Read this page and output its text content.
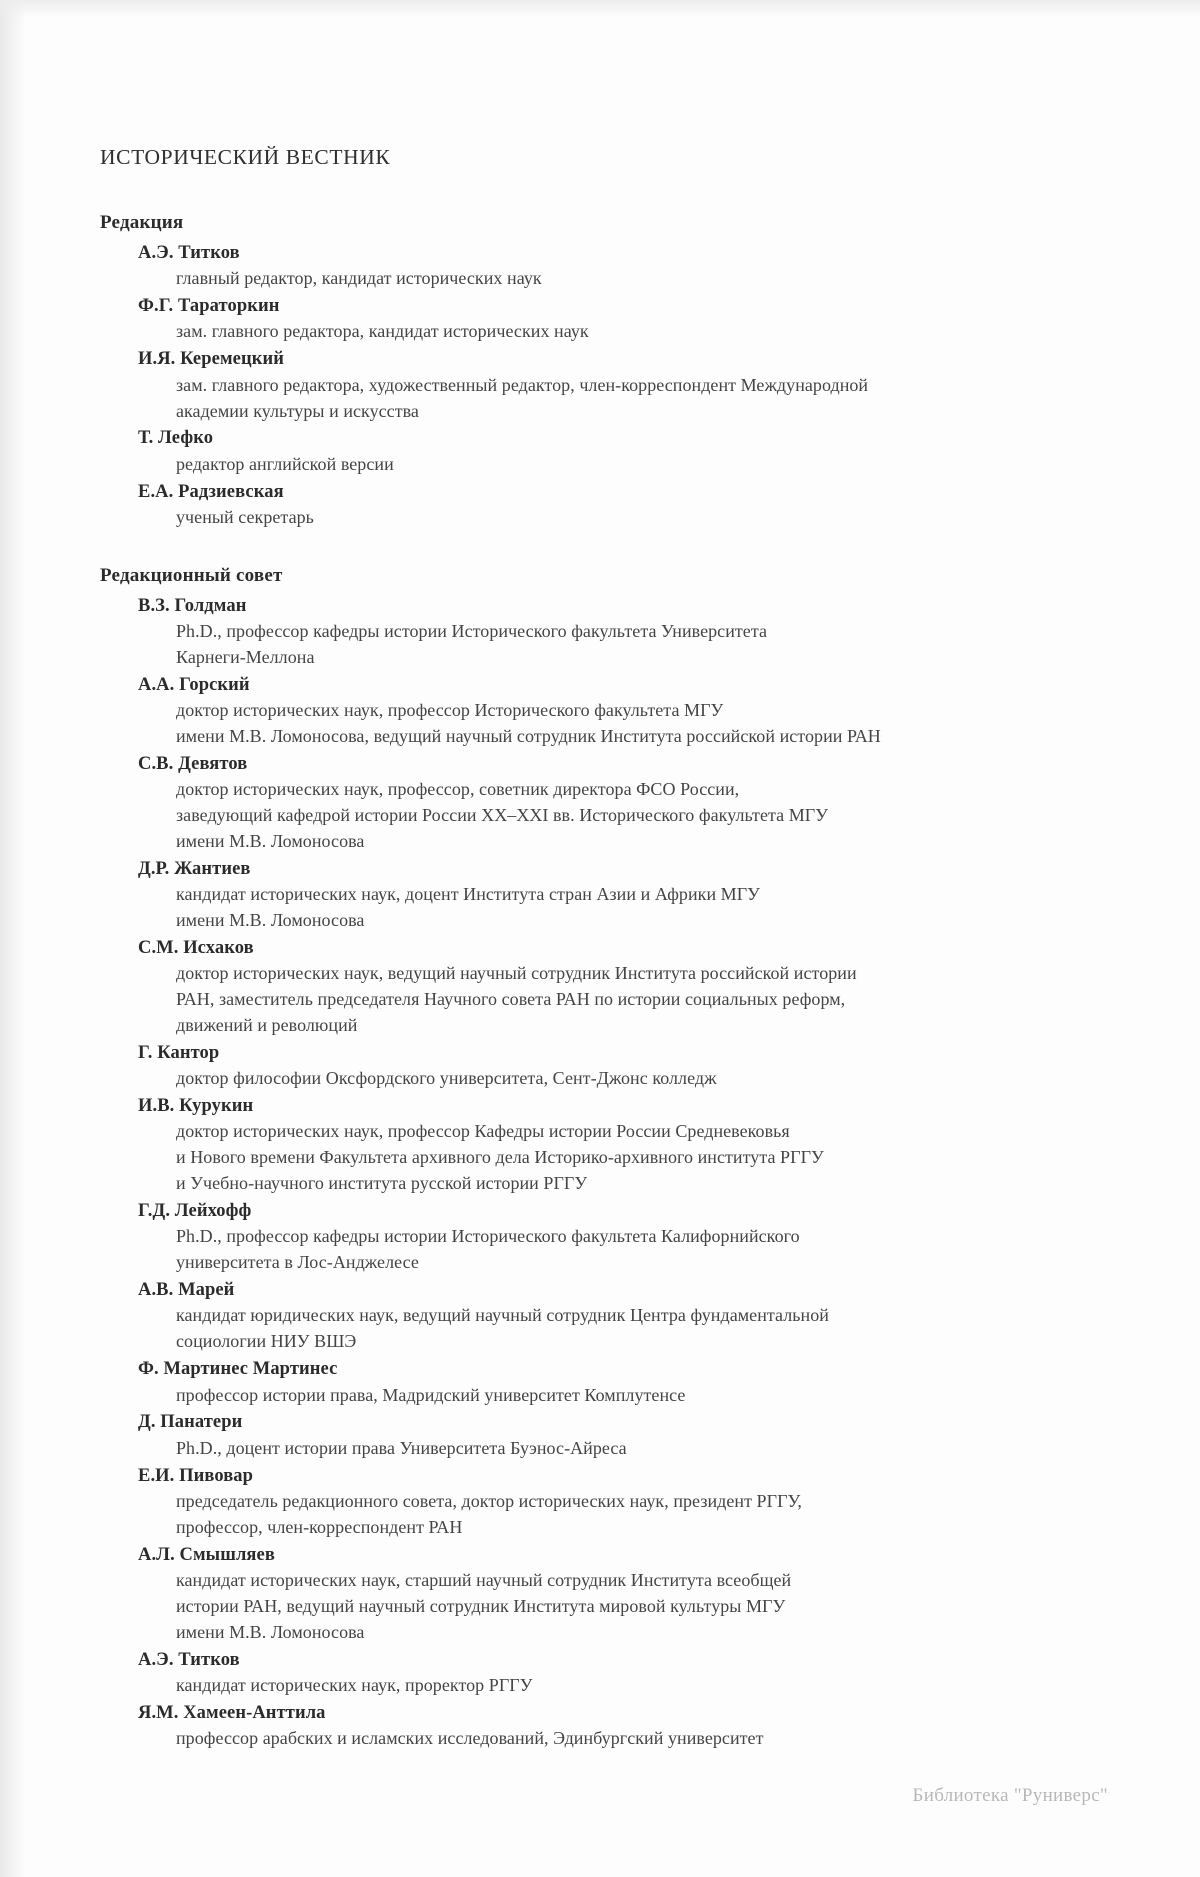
ИСТОРИЧЕСКИЙ ВЕСТНИК
Редакция
А.Э. Титков
главный редактор, кандидат исторических наук
Ф.Г. Тараторкин
зам. главного редактора, кандидат исторических наук
И.Я. Керемецкий
зам. главного редактора, художественный редактор, член-корреспондент Международной
академии культуры и искусства
Т. Лефко
редактор английской версии
Е.А. Радзиевская
ученый секретарь
Редакционный совет
В.З. Голдман
Ph.D., профессор кафедры истории Исторического факультета Университета
Карнеги-Меллона
А.А. Горский
доктор исторических наук, профессор Исторического факультета МГУ
имени М.В. Ломоносова, ведущий научный сотрудник Института российской истории РАН
С.В. Девятов
доктор исторических наук, профессор, советник директора ФСО России,
заведующий кафедрой истории России ХХ–ХХI вв. Исторического факультета МГУ
имени М.В. Ломоносова
Д.Р. Жантиев
кандидат исторических наук, доцент Института стран Азии и Африки МГУ
имени М.В. Ломоносова
С.М. Исхаков
доктор исторических наук, ведущий научный сотрудник Института российской истории
РАН, заместитель председателя Научного совета РАН по истории социальных реформ,
движений и революций
Г. Кантор
доктор философии Оксфордского университета, Сент-Джонс колледж
И.В. Курукин
доктор исторических наук, профессор Кафедры истории России Средневековья
и Нового времени Факультета архивного дела Историко-архивного института РГГУ
и Учебно-научного института русской истории РГГУ
Г.Д. Лейхофф
Ph.D., профессор кафедры истории Исторического факультета Калифорнийского
университета в Лос-Анджелесе
А.В. Марей
кандидат юридических наук, ведущий научный сотрудник Центра фундаментальной
социологии НИУ ВШЭ
Ф. Мартинес Мартинес
профессор истории права, Мадридский университет Комплутенсе
Д. Панатери
Ph.D., доцент истории права Университета Буэнос-Айреса
Е.И. Пивовар
председатель редакционного совета, доктор исторических наук, президент РГГУ,
профессор, член-корреспондент РАН
А.Л. Смышляев
кандидат исторических наук, старший научный сотрудник Института всеобщей
истории РАН, ведущий научный сотрудник Института мировой культуры МГУ
имени М.В. Ломоносова
А.Э. Титков
кандидат исторических наук, проректор РГГУ
Я.М. Хамеен-Анттила
профессор арабских и исламских исследований, Эдинбургский университет
Библиотека "Руниверс"
